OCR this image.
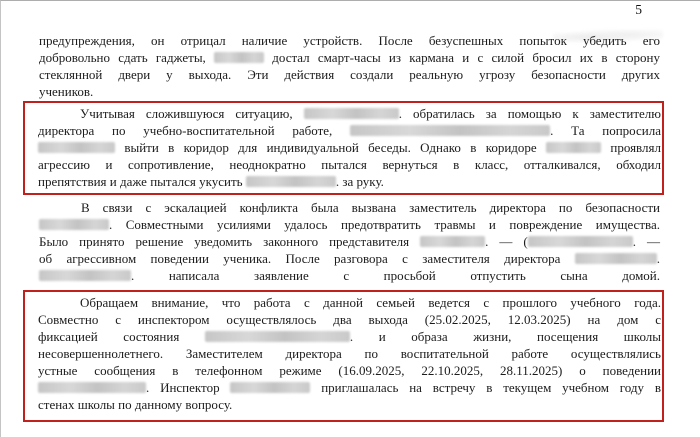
5
предупреждения, он отрицал наличие устройств. После безуспешных попыток убедить его
добровольно сдать гаджеты,	достал смарт-часы из кармана и с силой бросил их в сторону
стеклянной двери у выхода. Эти действия создали реальную угрозу безопасности других
учеников.
Учитывая сложившуюся ситуацию,	. обратилась за помощью к заместителю
директора по учебно-воспитательной работе,	. Та попросила
выйти в коридор для индивидуальной беседы. Однако в коридоре	проявлял
агрессию и сопротивление, неоднократно пытался вернуться в класс, отталкивался, обходил
препятствия и даже пытался укусить	. за руку.
В связи с эскалацией конфликта была вызвана заместитель директора по безопасности
. Совместными усилиями удалось предотвратить травмы и повреждение имущества.
Было принято решение уведомить законного представителя	. — (	. —
об агрессивном поведении ученика. После разговора с заместителя директора	.
. написала заявление с просьбой отпустить сына домой.
Обращаем внимание, что работа с данной семьей ведется с прошлого учебного года.
Совместно с инспектором осуществлялось два выхода (25.02.2025, 12.03.2025) на дом с
фиксацией состояния	. и образа жизни, посещения школы
несовершеннолетнего. Заместителем директора по воспитательной работе осуществлялись
устные сообщения в телефонном режиме (16.09.2025, 22.10.2025, 28.11.2025) о поведении
. Инспектор	приглашалась на встречу в текущем учебном году в
стенах школы по данному вопросу.
